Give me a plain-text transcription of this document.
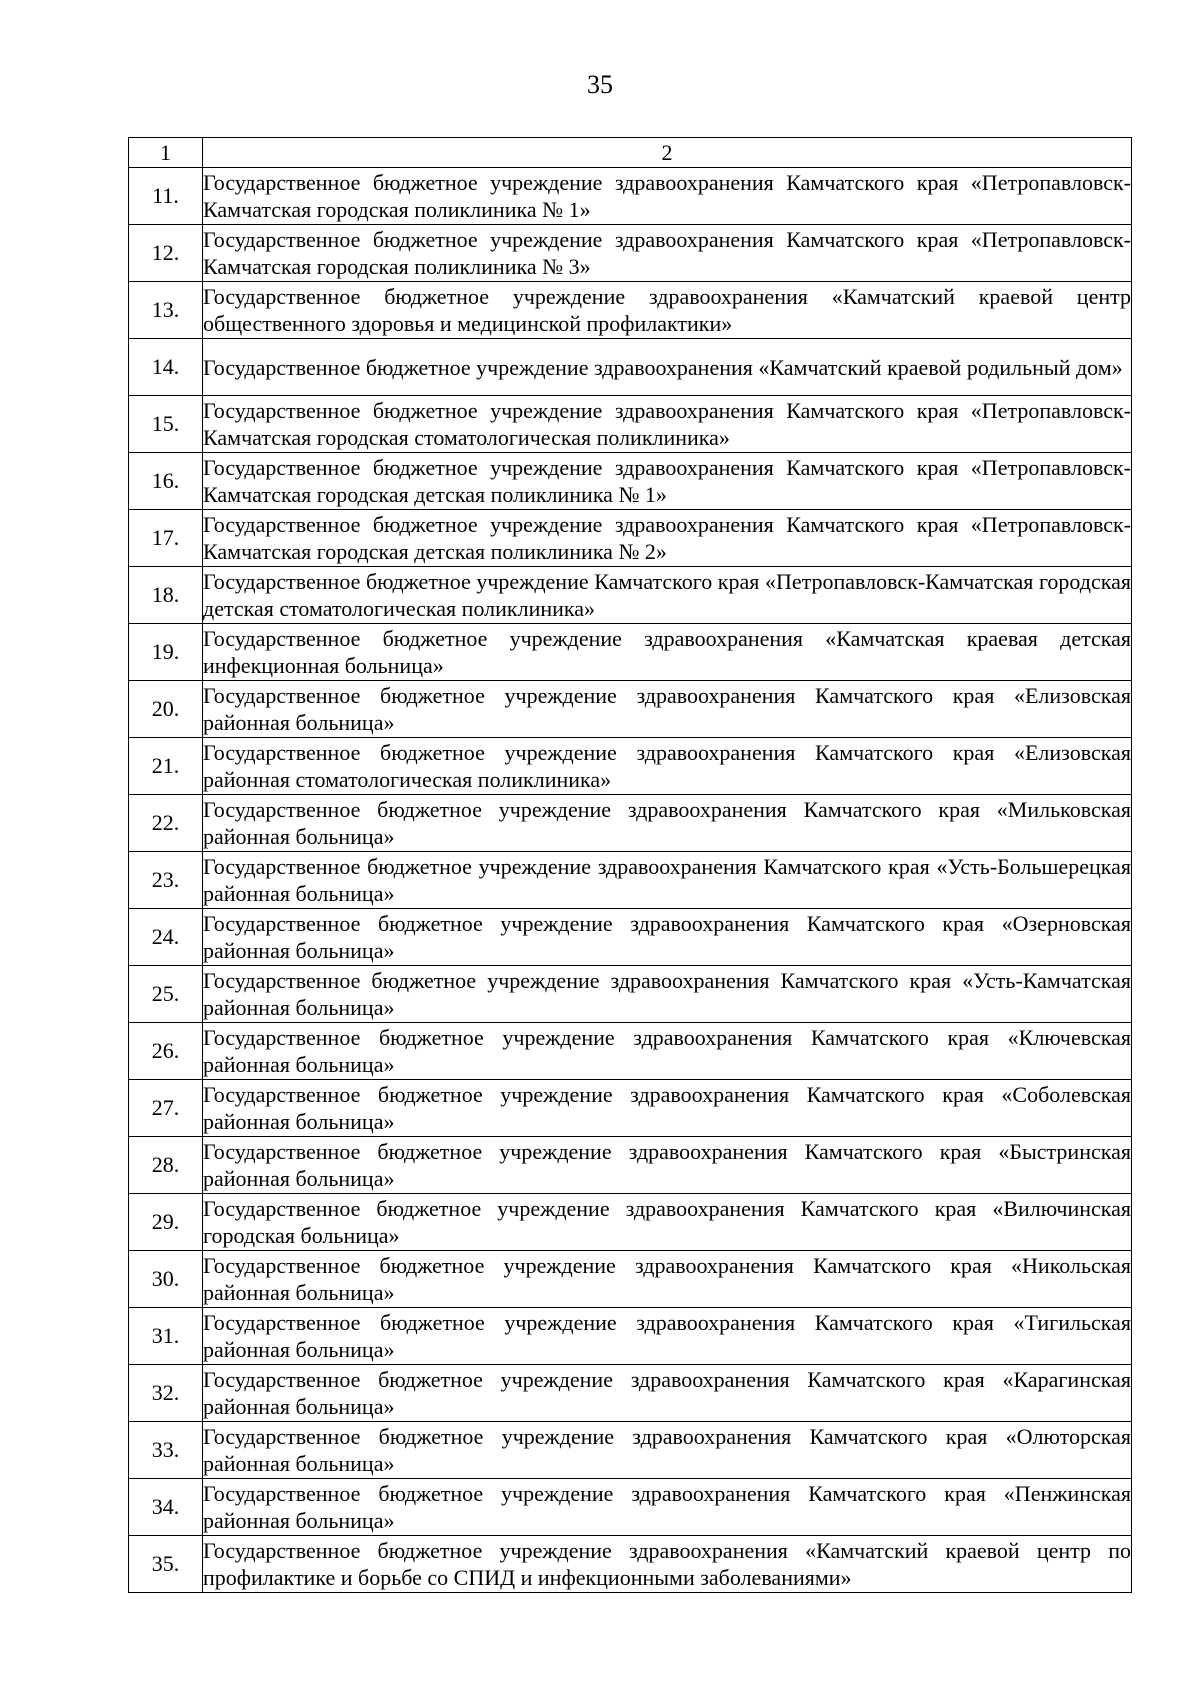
35
1	2
11.	Государственное бюджетное учреждение здравоохранения Камчатского края «Петропавловск-Камчатская городская поликлиника № 1»
12.	Государственное бюджетное учреждение здравоохранения Камчатского края «Петропавловск-Камчатская городская поликлиника № 3»
13.	Государственное бюджетное учреждение здравоохранения «Камчатский краевой центр общественного здоровья и медицинской профилактики»
14.	Государственное бюджетное учреждение здравоохранения «Камчатский краевой родильный дом»
15.	Государственное бюджетное учреждение здравоохранения Камчатского края «Петропавловск-Камчатская городская стоматологическая поликлиника»
16.	Государственное бюджетное учреждение здравоохранения Камчатского края «Петропавловск-Камчатская городская детская поликлиника № 1»
17.	Государственное бюджетное учреждение здравоохранения Камчатского края «Петропавловск-Камчатская городская детская поликлиника № 2»
18.	Государственное бюджетное учреждение Камчатского края «Петропавловск-Камчатская городская детская стоматологическая поликлиника»
19.	Государственное бюджетное учреждение здравоохранения «Камчатская краевая детская инфекционная больница»
20.	Государственное бюджетное учреждение здравоохранения Камчатского края «Елизовская районная больница»
21.	Государственное бюджетное учреждение здравоохранения Камчатского края «Елизовская районная стоматологическая поликлиника»
22.	Государственное бюджетное учреждение здравоохранения Камчатского края «Мильковская районная больница»
23.	Государственное бюджетное учреждение здравоохранения Камчатского края «Усть-Большерецкая районная больница»
24.	Государственное бюджетное учреждение здравоохранения Камчатского края «Озерновская районная больница»
25.	Государственное бюджетное учреждение здравоохранения Камчатского края «Усть-Камчатская районная больница»
26.	Государственное бюджетное учреждение здравоохранения Камчатского края «Ключевская районная больница»
27.	Государственное бюджетное учреждение здравоохранения Камчатского края «Соболевская районная больница»
28.	Государственное бюджетное учреждение здравоохранения Камчатского края «Быстринская районная больница»
29.	Государственное бюджетное учреждение здравоохранения Камчатского края «Вилючинская городская больница»
30.	Государственное бюджетное учреждение здравоохранения Камчатского края «Никольская районная больница»
31.	Государственное бюджетное учреждение здравоохранения Камчатского края «Тигильская районная больница»
32.	Государственное бюджетное учреждение здравоохранения Камчатского края «Карагинская районная больница»
33.	Государственное бюджетное учреждение здравоохранения Камчатского края «Олюторская районная больница»
34.	Государственное бюджетное учреждение здравоохранения Камчатского края «Пенжинская районная больница»
35.	Государственное бюджетное учреждение здравоохранения «Камчатский краевой центр по профилактике и борьбе со СПИД и инфекционными заболеваниями»
